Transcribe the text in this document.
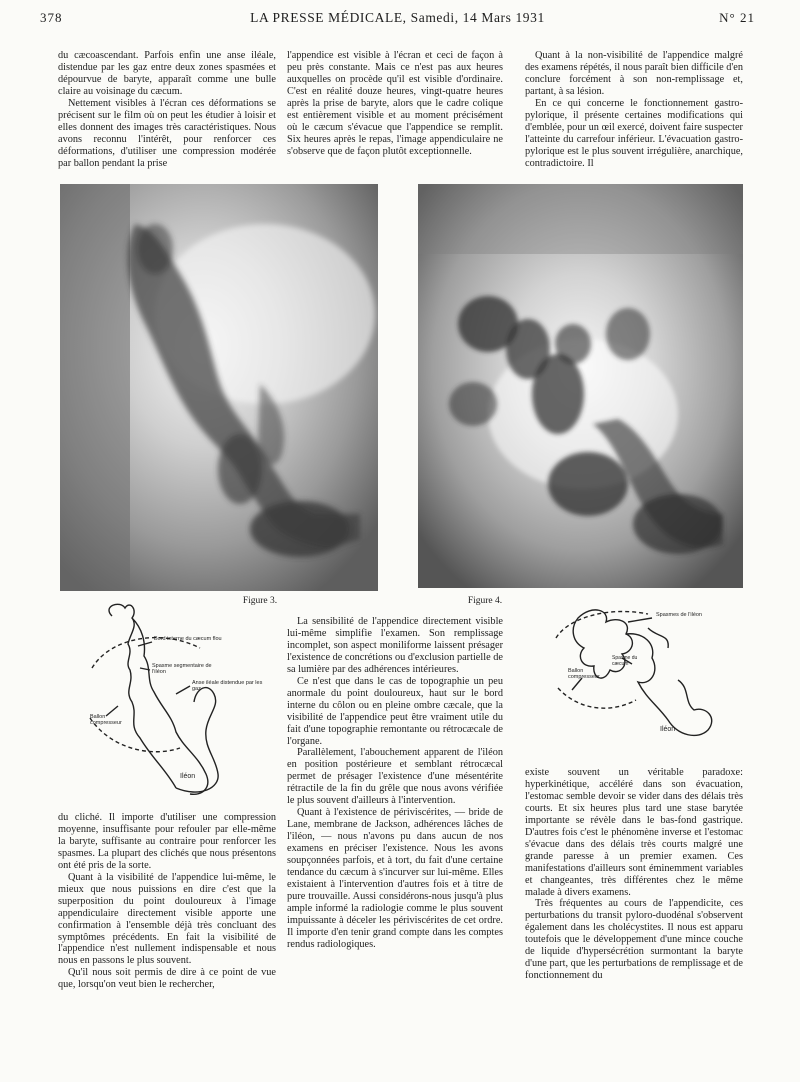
378	LA PRESSE MÉDICALE, Samedi, 14 Mars 1931	N° 21

du cæcoascendant. Parfois enfin une anse iléale, distendue par les gaz entre deux zones spasmées et dépourvue de baryte, apparaît comme une bulle claire au voisinage du cæcum.

Nettement visibles à l'écran ces déformations se précisent sur le film où on peut les étudier à loisir et elles donnent des images très caractéristiques. Nous avons reconnu l'intérêt, pour renforcer ces déformations, d'utiliser une compression modérée par ballon pendant la prise

l'appendice est visible à l'écran et ceci de façon à peu près constante. Mais ce n'est pas aux heures auxquelles on procède qu'il est visible d'ordinaire. C'est en réalité douze heures, vingt-quatre heures après la prise de baryte, alors que le cadre colique est entièrement visible et au moment précisément où le cæcum s'évacue que l'appendice se remplit. Six heures après le repas, l'image appendiculaire ne s'observe que de façon plutôt exceptionnelle.

Quant à la non-visibilité de l'appendice malgré des examens répétés, il nous paraît bien difficile d'en conclure forcément à son non-remplissage et, partant, à sa lésion.

En ce qui concerne le fonctionnement gastro-pylorique, il présente certaines modifications qui d'emblée, pour un œil exercé, doivent faire suspecter l'atteinte du carrefour inférieur. L'évacuation gastro-pylorique est le plus souvent irrégulière, anarchique, contradictoire. Il

Figure 3.	Figure 4.
Bord interne du cæcum flou
Spasme segmentaire de l'iléon
Anse iléale distendue par les gaz
Ballon compresseur
Iléon
Spasmes de l'iléon
Spasme du cæcum
Ballon compresseur
Iléon

du cliché. Il importe d'utiliser une compression moyenne, insuffisante pour refouler par elle-même la baryte, suffisante au contraire pour renforcer les spasmes. La plupart des clichés que nous présentons ont été pris de la sorte.

Quant à la visibilité de l'appendice lui-même, le mieux que nous puissions en dire c'est que la superposition du point douloureux à l'image appendiculaire directement visible apporte une confirmation à l'ensemble déjà très concluant des symptômes précédents. En fait la visibilité de l'appendice n'est nullement indispensable et nous nous en passons le plus souvent.

Qu'il nous soit permis de dire à ce point de vue que, lorsqu'on veut bien le rechercher,

La sensibilité de l'appendice directement visible lui-même simplifie l'examen. Son remplissage incomplet, son aspect moniliforme laissent présager l'existence de concrétions ou d'exclusion partielle de sa lumière par des adhérences intérieures.

Ce n'est que dans le cas de topographie un peu anormale du point douloureux, haut sur le bord interne du côlon ou en pleine ombre cæcale, que la visibilité de l'appendice peut être vraiment utile du fait d'une topographie remontante ou rétrocæcale de l'organe.

Parallèlement, l'abouchement apparent de l'iléon en position postérieure et semblant rétrocæcal permet de présager l'existence d'une mésentérite rétractile de la fin du grêle que nous avons vérifiée le plus souvent d'ailleurs à l'intervention.

Quant à l'existence de périviscérites, — bride de Lane, membrane de Jackson, adhérences lâches de l'iléon, — nous n'avons pu dans aucun de nos examens en préciser l'existence. Nous les avons soupçonnées parfois, et à tort, du fait d'une certaine tendance du cæcum à s'incurver sur lui-même. Elles existaient à l'intervention d'autres fois et à titre de pure trouvaille. Aussi considérons-nous jusqu'à plus ample informé la radiologie comme le plus souvent impuissante à déceler les périviscérites de cet ordre. Il importe d'en tenir grand compte dans les comptes rendus radiologiques.

existe souvent un véritable paradoxe: hyperkinétique, accéléré dans son évacuation, l'estomac semble devoir se vider dans des délais très courts. Et six heures plus tard une stase barytée importante se révèle dans le bas-fond gastrique. D'autres fois c'est le phénomène inverse et l'estomac s'évacue dans des délais très courts malgré une grande paresse à un premier examen. Ces manifestations d'ailleurs sont éminemment variables et changeantes, très différentes chez le même malade à divers examens.

Très fréquentes au cours de l'appendicite, ces perturbations du transit pyloro-duodénal s'observent également dans les cholécystites. Il nous est apparu toutefois que le développement d'une mince couche de liquide d'hypersécrétion surmontant la baryte d'une part, que les perturbations de remplissage et de fonctionnement du
